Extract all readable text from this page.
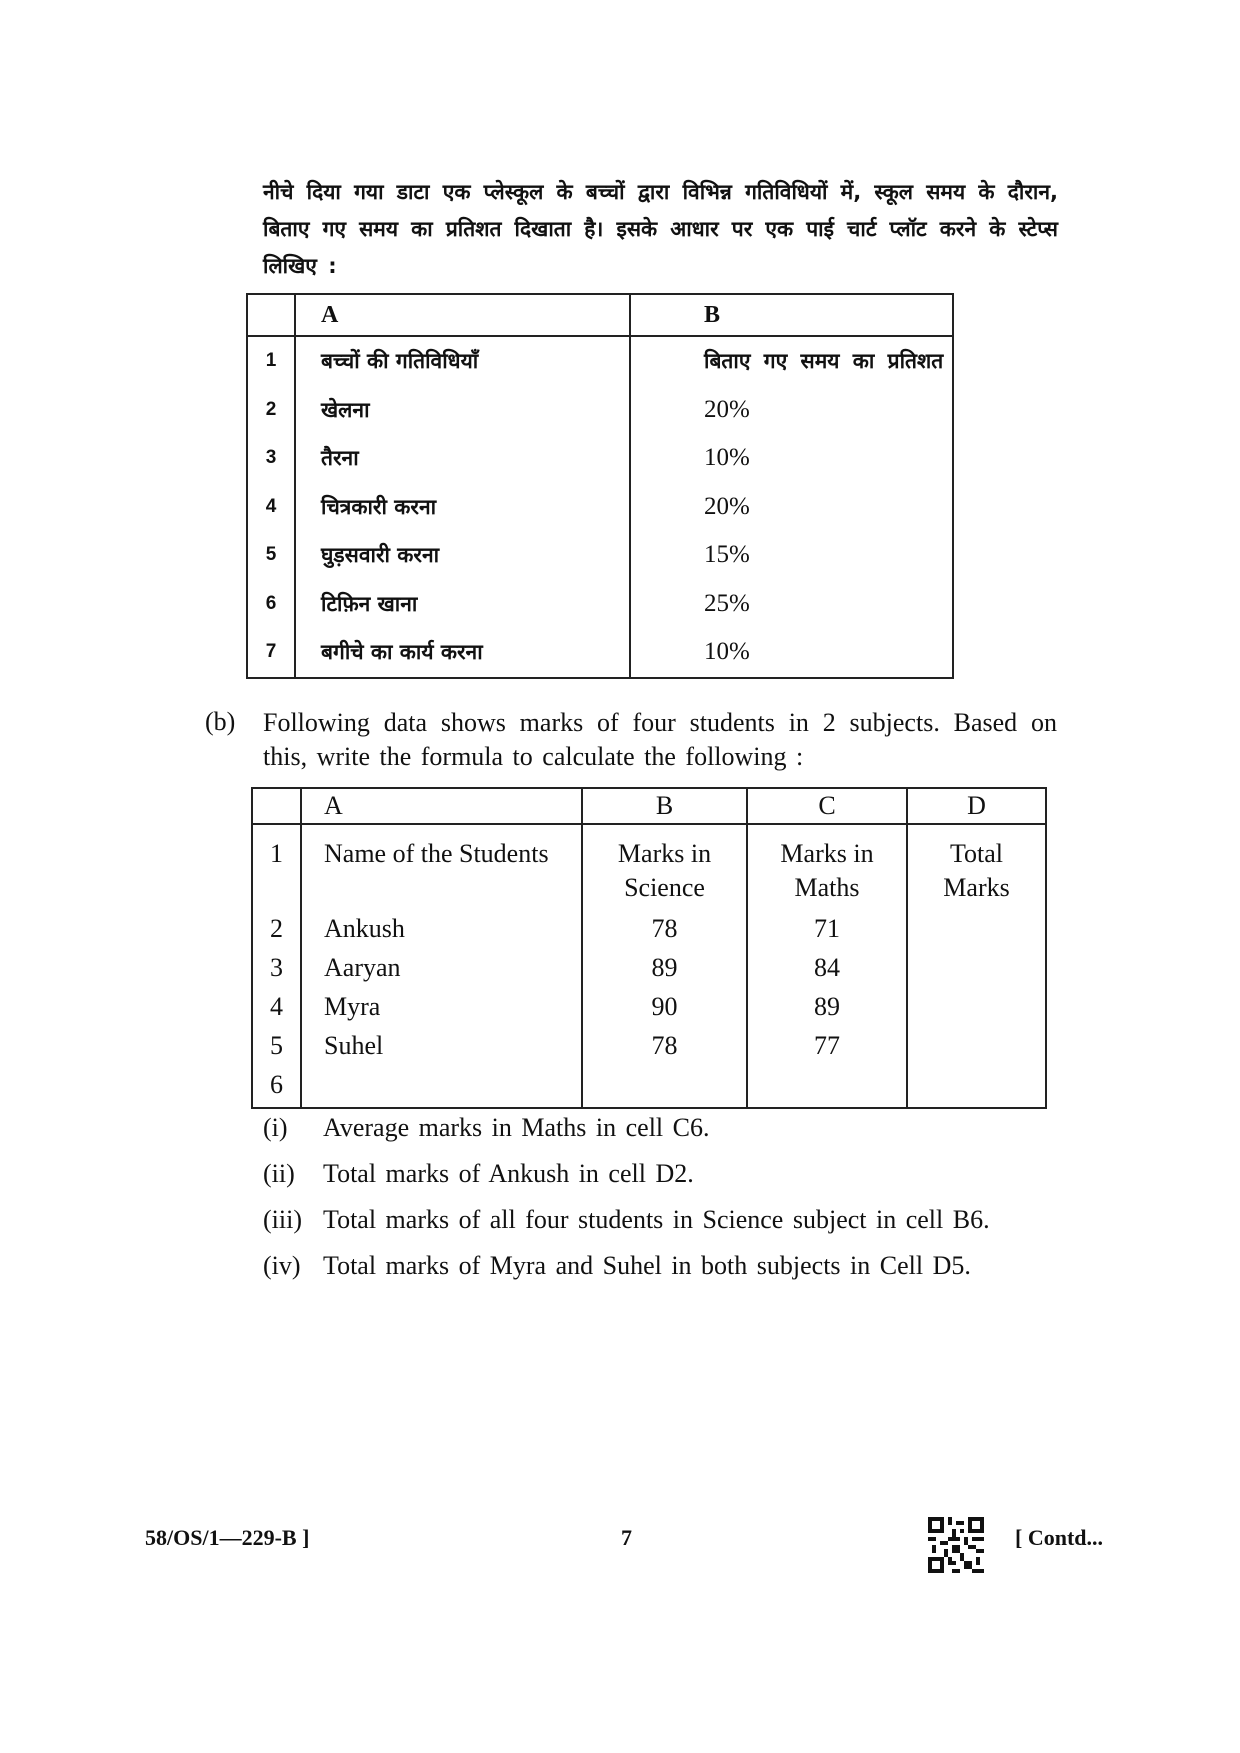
नीचे दिया गया डाटा एक प्लेस्कूल के बच्चों द्वारा विभिन्न गतिविधियों में, स्कूल समय के दौरान, बिताए गए समय का प्रतिशत दिखाता है। इसके आधार पर एक पाई चार्ट प्लॉट करने के स्टेप्स लिखिए :
	A	B
1	बच्चों की गतिविधियाँ	बिताए गए समय का प्रतिशत
2	खेलना	20%
3	तैरना	10%
4	चित्रकारी करना	20%
5	घुड़सवारी करना	15%
6	टिफ़िन खाना	25%
7	बगीचे का कार्य करना	10%
(b) Following data shows marks of four students in 2 subjects. Based on this, write the formula to calculate the following :
	A	B	C	D
1	Name of the Students	Marks in Science	Marks in Maths	Total Marks
2	Ankush	78	71	
3	Aaryan	89	84	
4	Myra	90	89	
5	Suhel	78	77	
6				
(i)	Average marks in Maths in cell C6.
(ii)	Total marks of Ankush in cell D2.
(iii) Total marks of all four students in Science subject in cell B6.
(iv) Total marks of Myra and Suhel in both subjects in Cell D5.
58/OS/1—229-B ]	7	[ Contd...
